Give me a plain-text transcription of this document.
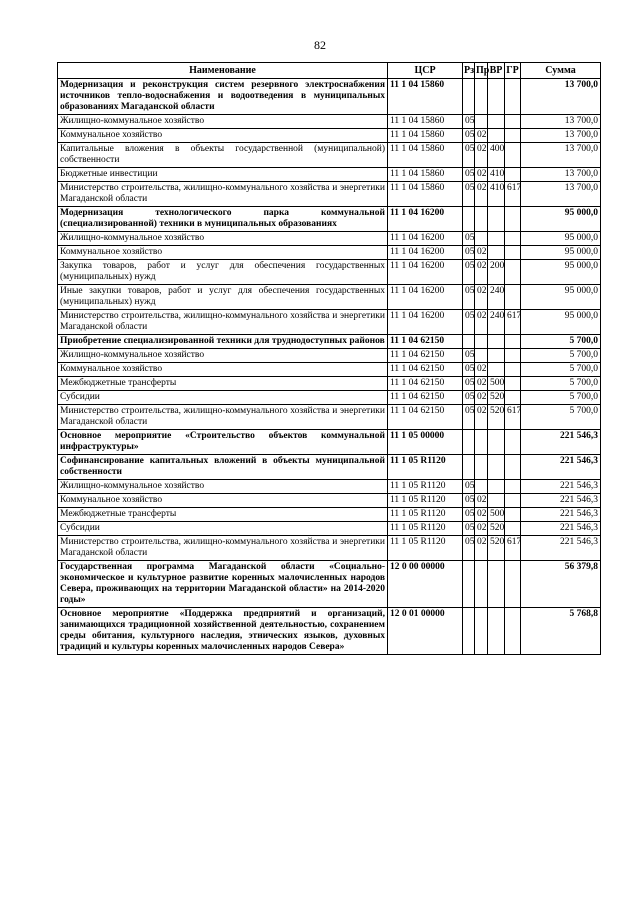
82
Наименование	ЦСР	Рз	Пр	ВР	ГР	Сумма
Модернизация и реконструкция систем резервного электроснабжения источников тепло-водоснабжения и водоотведения в муниципальных образованиях Магаданской области	11 1 04 15860					13 700,0
Жилищно-коммунальное хозяйство	11 1 04 15860	05				13 700,0
Коммунальное хозяйство	11 1 04 15860	05	02			13 700,0
Капитальные вложения в объекты государственной (муниципальной) собственности	11 1 04 15860	05	02	400		13 700,0
Бюджетные инвестиции	11 1 04 15860	05	02	410		13 700,0
Министерство строительства, жилищно-коммунального хозяйства и энергетики Магаданской области	11 1 04 15860	05	02	410	617	13 700,0
Модернизация технологического парка коммунальной (специализированной) техники в муниципальных образованиях	11 1 04 16200					95 000,0
Жилищно-коммунальное хозяйство	11 1 04 16200	05				95 000,0
Коммунальное хозяйство	11 1 04 16200	05	02			95 000,0
Закупка товаров, работ и услуг для обеспечения государственных (муниципальных) нужд	11 1 04 16200	05	02	200		95 000,0
Иные закупки товаров, работ и услуг для обеспечения государственных (муниципальных) нужд	11 1 04 16200	05	02	240		95 000,0
Министерство строительства, жилищно-коммунального хозяйства и энергетики Магаданской области	11 1 04 16200	05	02	240	617	95 000,0
Приобретение специализированной техники для труднодоступных районов	11 1 04 62150					5 700,0
Жилищно-коммунальное хозяйство	11 1 04 62150	05				5 700,0
Коммунальное хозяйство	11 1 04 62150	05	02			5 700,0
Межбюджетные трансферты	11 1 04 62150	05	02	500		5 700,0
Субсидии	11 1 04 62150	05	02	520		5 700,0
Министерство строительства, жилищно-коммунального хозяйства и энергетики Магаданской области	11 1 04 62150	05	02	520	617	5 700,0
Основное мероприятие «Строительство объектов коммунальной инфраструктуры»	11 1 05 00000					221 546,3
Софинансирование капитальных вложений в объекты муниципальной собственности	11 1 05 R1120					221 546,3
Жилищно-коммунальное хозяйство	11 1 05 R1120	05				221 546,3
Коммунальное хозяйство	11 1 05 R1120	05	02			221 546,3
Межбюджетные трансферты	11 1 05 R1120	05	02	500		221 546,3
Субсидии	11 1 05 R1120	05	02	520		221 546,3
Министерство строительства, жилищно-коммунального хозяйства и энергетики Магаданской области	11 1 05 R1120	05	02	520	617	221 546,3
Государственная программа Магаданской области «Социально-экономическое и культурное развитие коренных малочисленных народов Севера, проживающих на территории Магаданской области» на 2014-2020 годы»	12 0 00 00000					56 379,8
Основное мероприятие «Поддержка предприятий и организаций, занимающихся традиционной хозяйственной деятельностью, сохранением среды обитания, культурного наследия, этнических языков, духовных традиций и культуры коренных малочисленных народов Севера»	12 0 01 00000					5 768,8
